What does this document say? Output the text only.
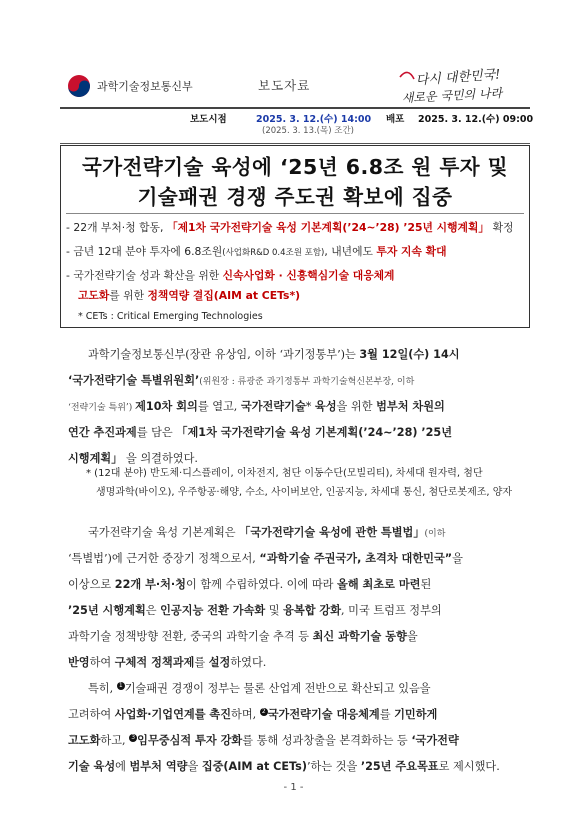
과학기술정보통신부	보도자료	다시 대한민국!
새로운 국민의 나라
보도시점	2025. 3. 12.(수) 14:00
(2025. 3. 13.(목) 조간)
배포 2025. 3. 12.(수) 09:00
국가전략기술 육성에 ‘25년 6.8조 원 투자 및
기술패권 경쟁 주도권 확보에 집중
- 22개 부처·청 합동, 「제1차 국가전략기술 육성 기본계획(’24~’28) ’25년 시행계획」 확정
- 금년 12대 분야 투자에 6.8조원(사업화R&D 0.4조원 포함), 내년에도 투자 지속 확대
- 국가전략기술 성과 확산을 위한 신속사업화 · 신흥핵심기술 대응체계
고도화를 위한 정책역량 결집(AIM at CETs*)
* CETs : Critical Emerging Technologies
과학기술정보통신부(장관 유상임, 이하 ‘과기정통부’)는 3월 12일(수) 14시
‘국가전략기술 특별위원회’(위원장 : 류광준 과기정통부 과학기술혁신본부장, 이하
‘전략기술 특위’) 제10차 회의를 열고, 국가전략기술* 육성을 위한 범부처 차원의
연간 추진과제를 담은 「제1차 국가전략기술 육성 기본계획(’24~’28) ’25년
시행계획」 을 의결하였다.
* (12대 분야) 반도체·디스플레이, 이차전지, 첨단 이동수단(모빌리티), 차세대 원자력, 첨단
생명과학(바이오), 우주항공·해양, 수소, 사이버보안, 인공지능, 차세대 통신, 첨단로봇제조, 양자
국가전략기술 육성 기본계획은 「국가전략기술 육성에 관한 특별법」(이하
‘특별법’)에 근거한 중장기 정책으로서, “과학기술 주권국가, 초격차 대한민국”을
이상으로 22개 부·처·청이 함께 수립하였다. 이에 따라 올해 최초로 마련된
’25년 시행계획은 인공지능 전환 가속화 및 융복합 강화, 미국 트럼프 정부의
과학기술 정책방향 전환, 중국의 과학기술 추격 등 최신 과학기술 동향을
반영하여 구체적 정책과제를 설정하였다.
특히, 1 기술패권 경쟁이 정부는 물론 산업계 전반으로 확산되고 있음을
고려하여 사업화·기업연계를 촉진하며, 2 국가전략기술 대응체계를 기민하게
고도화하고, 3 임무중심적 투자 강화를 통해 성과창출을 본격화하는 등 ‘국가전략
기술 육성에 범부처 역량을 집중(AIM at CETs)’하는 것을 ’25년 주요목표로 제시했다.
- 1 -
